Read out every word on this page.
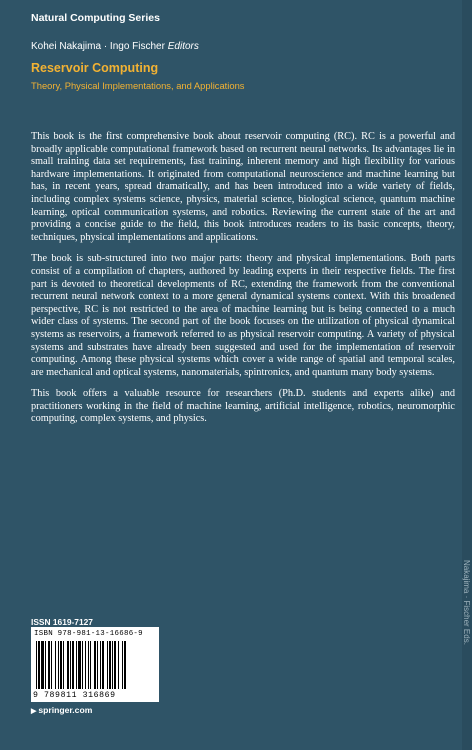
Natural Computing Series
Kohei Nakajima · Ingo Fischer Editors
Reservoir Computing
Theory, Physical Implementations, and Applications

This book is the first comprehensive book about reservoir computing (RC). RC is a powerful and broadly applicable computational framework based on recurrent neural networks. Its advantages lie in small training data set requirements, fast training, inherent memory and high flexibility for various hardware implementations. It originated from computational neuroscience and machine learning but has, in recent years, spread dramatically, and has been introduced into a wide variety of fields, including complex systems science, physics, material science, biological science, quantum machine learning, optical communication systems, and robotics. Reviewing the current state of the art and providing a concise guide to the field, this book introduces readers to its basic concepts, theory, techniques, physical implementations and applications.

The book is sub-structured into two major parts: theory and physical implementations. Both parts consist of a compilation of chapters, authored by leading experts in their respective fields. The first part is devoted to theoretical developments of RC, extending the framework from the conventional recurrent neural network context to a more general dynamical systems context. With this broadened perspective, RC is not restricted to the area of machine learning but is being connected to a much wider class of systems. The second part of the book focuses on the utilization of physical dynamical systems as reservoirs, a framework referred to as physical reservoir computing. A variety of physical systems and substrates have already been suggested and used for the implementation of reservoir computing. Among these physical systems which cover a wide range of spatial and temporal scales, are mechanical and optical systems, nanomaterials, spintronics, and quantum many body systems.

This book offers a valuable resource for researchers (Ph.D. students and experts alike) and practitioners working in the field of machine learning, artificial intelligence, robotics, neuromorphic computing, complex systems, and physics.

ISSN 1619-7127
ISBN 978-981-13-16686-9
9 789811 316869
▶ springer.com
Nakajima · Fischer Eds.
